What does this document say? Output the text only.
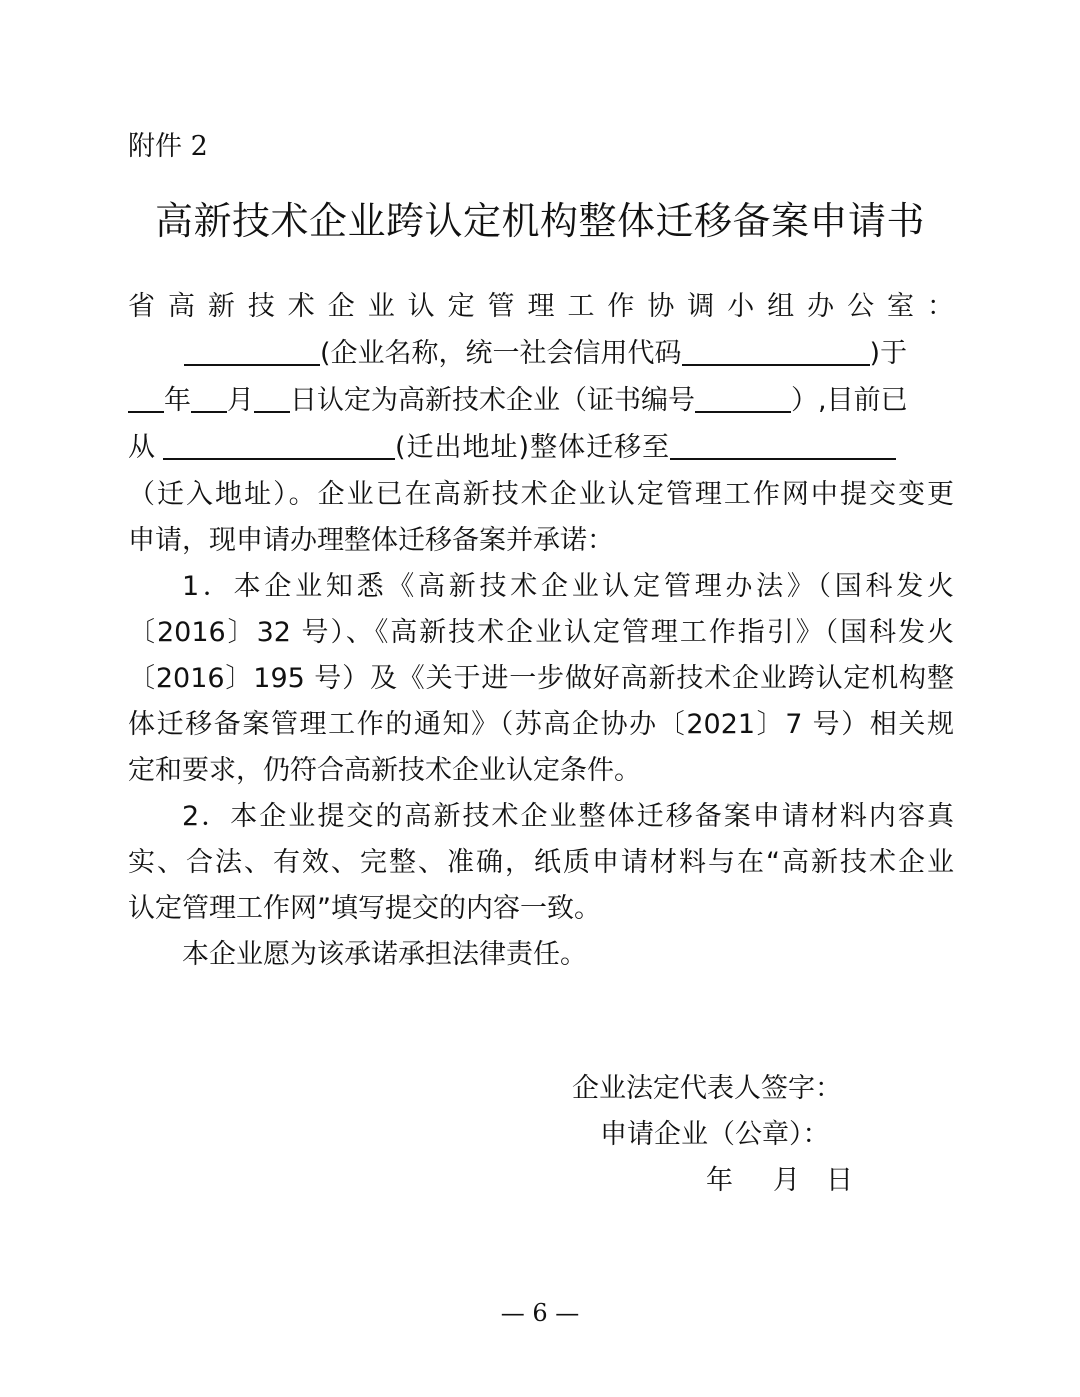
附件 2
高新技术企业跨认定机构整体迁移备案申请书
省高新技术企业认定管理工作协调小组办公室：
(企业名称，统一社会信用代码	)于
年 月 日认定为高新技术企业（证书编号	）,目前已
从	(迁出地址)整体迁移至
（迁入地址）。企业已在高新技术企业认定管理工作网中提交变更
申请，现申请办理整体迁移备案并承诺：
1．本企业知悉《高新技术企业认定管理办法》（国科发火
〔2016〕32 号）、《高新技术企业认定管理工作指引》（国科发火
〔2016〕195 号）及《关于进一步做好高新技术企业跨认定机构整
体迁移备案管理工作的通知》（苏高企协办〔2021〕7 号）相关规
定和要求，仍符合高新技术企业认定条件。
2．本企业提交的高新技术企业整体迁移备案申请材料内容真
实、合法、有效、完整、准确，纸质申请材料与在“高新技术企业
认定管理工作网”填写提交的内容一致。
本企业愿为该承诺承担法律责任。
企业法定代表人签字：
申请企业（公章）：
年 月 日
— 6 —
